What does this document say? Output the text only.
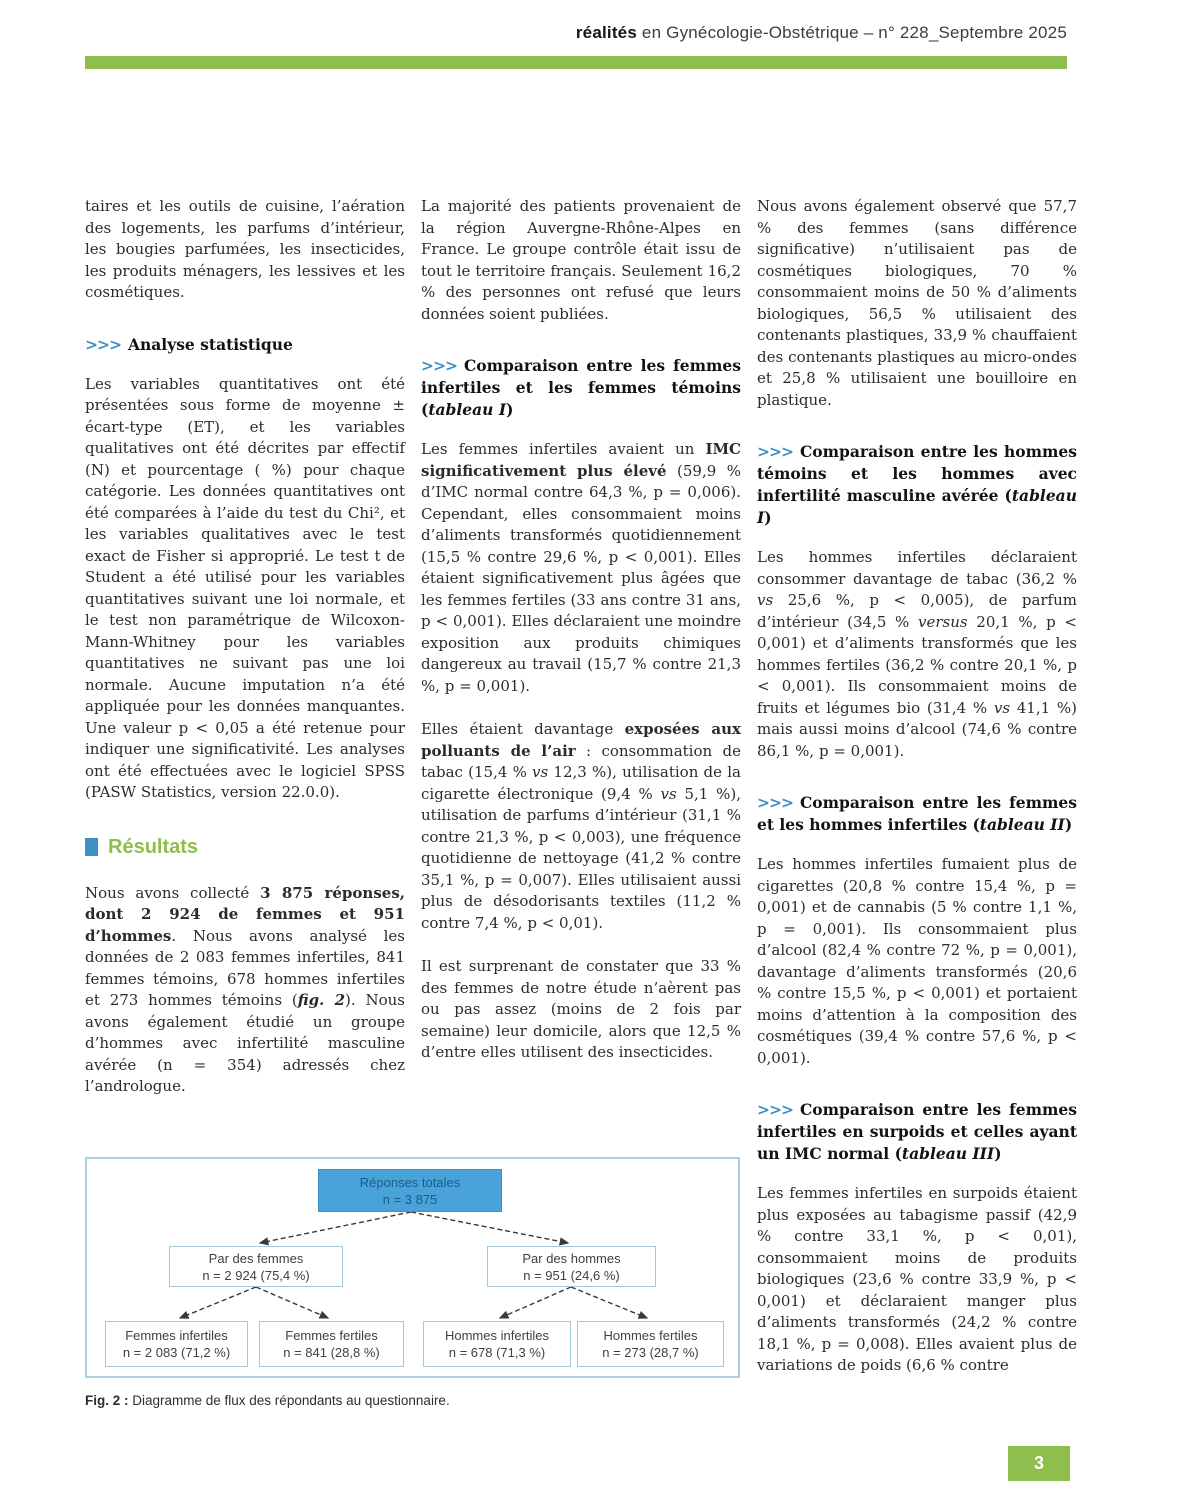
réalités en Gynécologie-Obstétrique – n° 228_Septembre 2025

taires et les outils de cuisine, l’aération des logements, les parfums d’intérieur, les bougies parfumées, les insecticides, les produits ménagers, les lessives et les cosmétiques.

>>> Analyse statistique

Les variables quantitatives ont été présentées sous forme de moyenne ± écart-type (ET), et les variables qualitatives ont été décrites par effectif (N) et pourcentage ( %) pour chaque catégorie. Les données quantitatives ont été comparées à l’aide du test du Chi², et les variables qualitatives avec le test exact de Fisher si approprié. Le test t de Student a été utilisé pour les variables quantitatives suivant une loi normale, et le test non paramétrique de Wilcoxon-Mann-Whitney pour les variables quantitatives ne suivant pas une loi normale. Aucune imputation n’a été appliquée pour les données manquantes. Une valeur p < 0,05 a été retenue pour indiquer une significativité. Les analyses ont été effectuées avec le logiciel SPSS (PASW Statistics, version 22.0.0).

Résultats

Nous avons collecté 3 875 réponses, dont 2 924 de femmes et 951 d’hommes. Nous avons analysé les données de 2 083 femmes infertiles, 841 femmes témoins, 678 hommes infertiles et 273 hommes témoins (fig. 2). Nous avons également étudié un groupe d’hommes avec infertilité masculine avérée (n = 354) adressés chez l’andrologue.

La majorité des patients provenaient de la région Auvergne-Rhône-Alpes en France. Le groupe contrôle était issu de tout le territoire français. Seulement 16,2 % des personnes ont refusé que leurs données soient publiées.

>>> Comparaison entre les femmes infertiles et les femmes témoins (tableau I)

Les femmes infertiles avaient un IMC significativement plus élevé (59,9 % d’IMC normal contre 64,3 %, p = 0,006). Cependant, elles consommaient moins d’aliments transformés quotidiennement (15,5 % contre 29,6 %, p < 0,001). Elles étaient significativement plus âgées que les femmes fertiles (33 ans contre 31 ans, p < 0,001). Elles déclaraient une moindre exposition aux produits chimiques dangereux au travail (15,7 % contre 21,3 %, p = 0,001).

Elles étaient davantage exposées aux polluants de l’air : consommation de tabac (15,4 % vs 12,3 %), utilisation de la cigarette électronique (9,4 % vs 5,1 %), utilisation de parfums d’intérieur (31,1 % contre 21,3 %, p < 0,003), une fréquence quotidienne de nettoyage (41,2 % contre 35,1 %, p = 0,007). Elles utilisaient aussi plus de désodorisants textiles (11,2 % contre 7,4 %, p < 0,01).

Il est surprenant de constater que 33 % des femmes de notre étude n’aèrent pas ou pas assez (moins de 2 fois par semaine) leur domicile, alors que 12,5 % d’entre elles utilisent des insecticides.

Nous avons également observé que 57,7 % des femmes (sans différence significative) n’utilisaient pas de cosmétiques biologiques, 70 % consommaient moins de 50 % d’aliments biologiques, 56,5 % utilisaient des contenants plastiques, 33,9 % chauffaient des contenants plastiques au micro-ondes et 25,8 % utilisaient une bouilloire en plastique.

>>> Comparaison entre les hommes témoins et les hommes avec infertilité masculine avérée (tableau I)

Les hommes infertiles déclaraient consommer davantage de tabac (36,2 % vs 25,6 %, p < 0,005), de parfum d’intérieur (34,5 % versus 20,1 %, p < 0,001) et d’aliments transformés que les hommes fertiles (36,2 % contre 20,1 %, p < 0,001). Ils consommaient moins de fruits et légumes bio (31,4 % vs 41,1 %) mais aussi moins d’alcool (74,6 % contre 86,1 %, p = 0,001).

>>> Comparaison entre les femmes et les hommes infertiles (tableau II)

Les hommes infertiles fumaient plus de cigarettes (20,8 % contre 15,4 %, p = 0,001) et de cannabis (5 % contre 1,1 %, p = 0,001). Ils consommaient plus d’alcool (82,4 % contre 72 %, p = 0,001), davantage d’aliments transformés (20,6 % contre 15,5 %, p < 0,001) et portaient moins d’attention à la composition des cosmétiques (39,4 % contre 57,6 %, p < 0,001).

>>> Comparaison entre les femmes infertiles en surpoids et celles ayant un IMC normal (tableau III)

Les femmes infertiles en surpoids étaient plus exposées au tabagisme passif (42,9 % contre 33,1 %, p < 0,01), consommaient moins de produits biologiques (23,6 % contre 33,9 %, p < 0,001) et déclaraient manger plus d’aliments transformés (24,2 % contre 18,1 %, p = 0,008). Elles avaient plus de variations de poids (6,6 % contre

Réponses totales
n = 3 875
Par des femmes
n = 2 924 (75,4 %)
Par des hommes
n = 951 (24,6 %)
Femmes infertiles
n = 2 083 (71,2 %)
Femmes fertiles
n = 841 (28,8 %)
Hommes infertiles
n = 678 (71,3 %)
Hommes fertiles
n = 273 (28,7 %)
Fig. 2 : Diagramme de flux des répondants au questionnaire.
3
